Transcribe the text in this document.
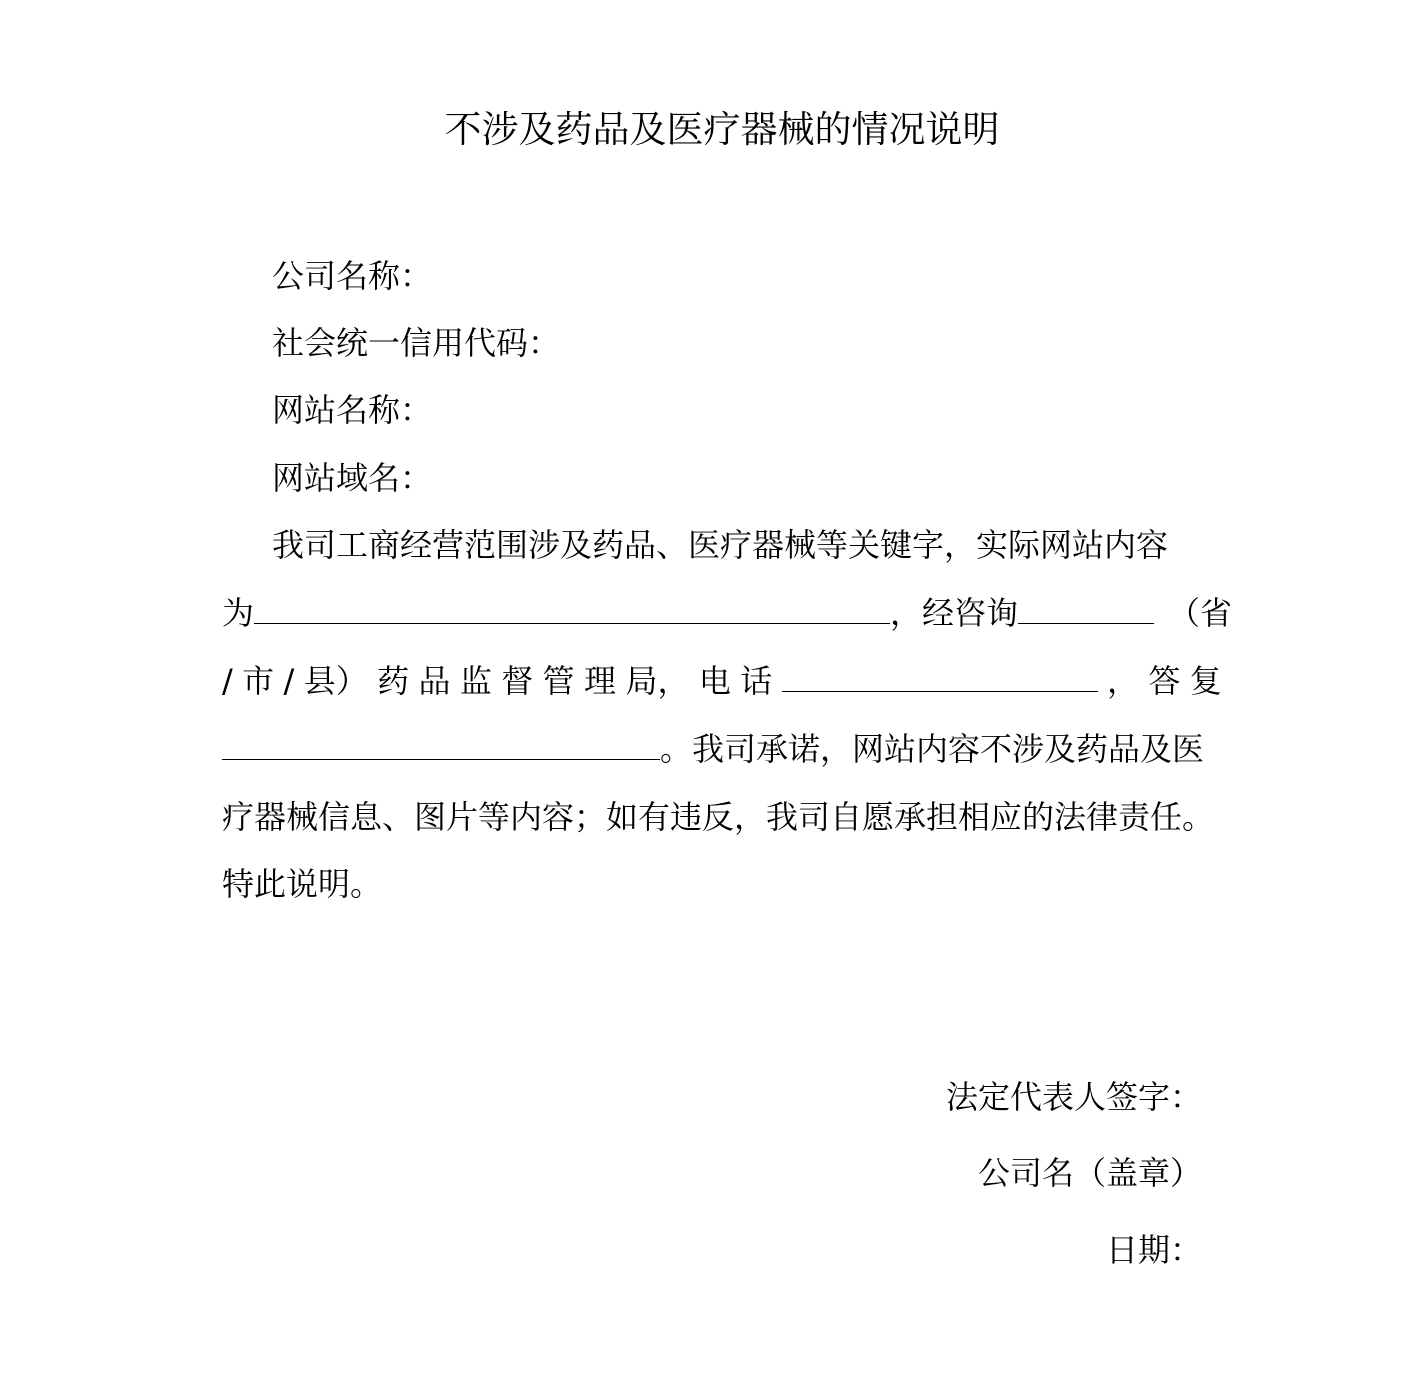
不涉及药品及医疗器械的情况说明
公司名称：
社会统一信用代码：
网站名称：
网站域名：
我司工商经营范围涉及药品、医疗器械等关键字，实际网站内容
为	，经咨询	（省
/ 市 / 县） 药 品 监 督 管 理 局， 电 话	， 答 复
。我司承诺，网站内容不涉及药品及医
疗器械信息、图片等内容；如有违反，我司自愿承担相应的法律责任。
特此说明。
法定代表人签字：
公司名（盖章）
日期：
